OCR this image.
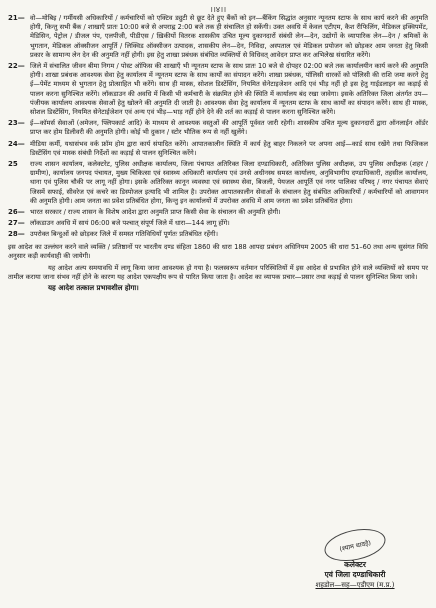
।।४।।
21— वो—मोबिइ / गर्मीयसी अधिकारियों / कर्मचारियों को एक्टिव ड्युटी से छूट देते हुए बैंकों को इन—बैंकिंग सिद्धांत अनुसार न्यूनतम स्टाफ के साथ कार्य करने की अनुमति होगी, किन्तु सभी बैंक / शाखाएँ प्रातः 10:00 बजे से अपराह्न 2:00 बजे तक ही संचालित हो सकेंगी। उक्त अवधि में केवल एटीएम, कैश रीफिलिंग, मेडिकल इक्विपमेंट, मेडिसिन, पेट्रोल / डीजल पंप, एलपीजी, पीडीएस / ख़िकीयों वितरक शासकीय उचित मूल्य दुकानदारों संबंधी लेन—देन, उद्योगों के व्यापारिक लेन—देन / श्रमिकों के भुगतान, मेडिकल ऑक्सीजन आपूर्ति / लिक्विड ऑक्सीजन उत्पादक, शासकीय लेन—देन, निविदा, अस्पताल एवं मेडिकल प्रयोजन को छोड़कर आम जनता हेतु किसी प्रकार के सामान्य लेन देन की अनुमति नहीं होगी। इस हेतु शाखा प्रबंधक संबंधित व्यक्तियों से विधिवत् आवेदन प्राप्त कर अभिलेख संधारित करेंगे।
22— जिले में संचालित जीवन बीमा निगम / पोस्ट ऑफिस की शाखाएँ भी न्यूनतम स्टाफ के साथ प्रातः 10 बजे से दोपहर 02:00 बजे तक कार्यालयीन कार्य करने की अनुमति होगी। शाखा प्रबंधक आवश्यक सेवा हेतु कार्यालय में न्यूनतम स्टाफ के साथ कार्यों का संपादन करेंगे। शाखा प्रबंधक, पॉलिसी धारकों को पॉलिसी की राशि जमा करने हेतु ई—पेमेंट माध्यम से भुगतान हेतु प्रोत्साहित भी करेंगे। साथ ही मास्क, सोशल डिस्टेंसिंग, नियमित सेनेटाइजेशन आदि एवं भीड़ नहीं हो इस हेतु गाईडलाइन का कड़ाई से पालन करना सुनिश्चित करेंगे। लॉकडाउन की अवधि में किसी भी कर्मचारी के संक्रमित होने की स्थिति में कार्यालय बंद रखा जावेगा। इसके अतिरिक्त जिला अंतर्गत उप—पंजीयक कार्यालय आवश्यक सेवाओं हेतु खोलने की अनुमति दी जाती है। आवश्यक सेवा हेतु कार्यालय में न्यूनतम स्टाफ के साथ कार्यों का संपादन करेंगे। साथ ही मास्क, सोशल डिस्टेंसिंग, नियमित सेनेटाईजेशन एवं अन्य एवं भीड़—भाड़ नहीं होने देने की शर्त का कड़ाई से पालन करना सुनिश्चित करेंगे।
23— ई—कॉमर्स सेवाओं (अमेजन, फ्लिपकार्ट आदि) के माध्यम से आवश्यक वस्तुओं की आपूर्ति पूर्ववत जारी रहेगी। शासकीय उचित मूल्य दुकानदारों द्वारा ऑनलाईन ऑर्डर प्राप्त कर होम डिलीवरी की अनुमति होगी। कोई भी दुकान / स्टोर भौतिक रूप से नहीं खुलेंगे।
24— मीडिया कर्मी, यथासंभव वर्क फ्रॉम होम द्वारा कार्य संपादित करेंगे। आपातकालीन स्थिति में कार्य हेतु बाहर निकलने पर अपना आई—कार्ड साथ रखेंगे तथा फिजिकल डिस्टेंसिंग एवं मास्क संबंधी निर्देशों का कड़ाई से पालन सुनिश्चित करेंगे।
25	राज्य शासन कार्यालय, कलेक्टरेट, पुलिस अधीक्षक कार्यालय, जिला पंचायत अतिरिक्त जिला दण्डाधिकारी, अतिरिक्त पुलिस अधीक्षक, उप पुलिस अधीक्षक (शहर / ग्रामीण), कार्यालय जनपद पंचायत, मुख्य चिकित्सा एवं स्वास्थ्य अधिकारी कार्यालय एवं उनसे अधीनस्थ समस्त कार्यालय, अनुविभागीय दण्डाधिकारी, तहसील कार्यालय, थाना एवं पुलिस चौकी पर लागू नहीं होगा। इसके अतिरिक्त कानून व्यवस्था एवं स्वास्थ्य सेवा, बिजली, पेयजल आपूर्ति एवं नगर पालिका परिषद् / नगर पंचायत सेवाएं जिसमें सफाई, सीवरेज एवं कचरे का डिस्पोजल इत्यादि भी शामिल है। उपरोक्त आपातकालीन सेवाओं के संचालन हेतु संबंधित अधिकारियों / कर्मचारियों को आवागमन की अनुमति होगी। आम जनता का प्रवेश प्रतिबंधित होगा, किन्तु इन कार्यालयों में उपरोक्त अवधि में आम जनता का प्रवेश प्रतिबंधित होगा।
26— भारत सरकार / राज्य शासन के विशेष आदेश द्वारा अनुमति प्राप्त किसी सेवा के संचालन की अनुमति होगी।
27— लॉकडाउन अवधि में सायं 06:00 बजे पश्चात् संपूर्ण जिले में धारा—144 लागू होंगे।
28— उपरोक्त बिन्दुओं को छोड़कर जिले में समस्त गतिविधियाँ पूर्णतः प्रतिबंधित रहेंगी।
इस आदेश का उल्लंघन करने वाले व्यक्ति / प्रतिष्ठानों पर भारतीय दण्ड संहिता 1860 की धारा 188 आपदा प्रबंधन अधिनियम 2005 की धारा 51–60 तथा अन्य सुसंगत विधि अनुसार कड़ी कार्यवाही की जायेगी।
यह आदेश अल्प समयावधि में लागू किया जाना आवश्यक हो गया है। फलस्वरूप वर्तमान परिस्थितियों में इस आदेश से प्रभावित होने वाले व्यक्तियों को समय पर तामील कराया जाना संभव नहीं होने के कारण यह आदेश एकपक्षीय रूप से पारित किया जाता है। आदेश का व्यापक प्रचार—प्रसार तथा कड़ाई से पालन सुनिश्चित किया जावे।
यह आदेश तत्काल प्रभावशील होगा।
(श्याम धावड़े)
कलेक्टर
एवं जिला दण्डाधिकारी
शहडोल—सह—एडीएम (म.प्र.)
